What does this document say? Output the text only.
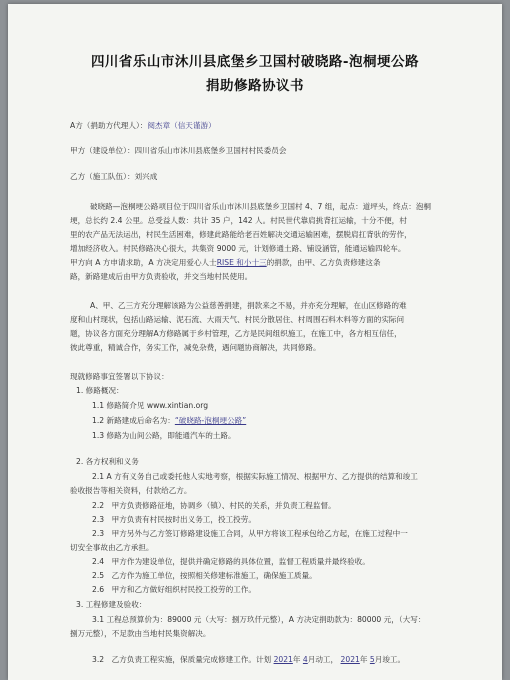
四川省乐山市沐川县底堡乡卫国村破晓路-泡桐埂公路
捐助修路协议书
A方（捐助方代理人）：阅杰章（信天谨游）
甲方（建设单位）：四川省乐山市沐川县底堡乡卫国村村民委员会
乙方（施工队伍）：刘兴成
破晓路—泡桐埂公路项目位于四川省乐山市沐川县底堡乡卫国村 4、7 组，起点：道坪头，终点：泡桐
埂，总长约 2.4 公里。总受益人数：共计 35 户，142 人。村民世代靠肩挑背扛运输，十分不便，村
里的农产品无法运出，村民生活困难，修建此路能给老百姓解决交通运输困难，摆脱肩扛背驮的劳作，
增加经济收入。村民修路决心很大，共集资 9000 元，计划修通土路、铺设涵管，能通运输四轮车。
甲方向 A 方申请求助，A 方决定用爱心人士RISE 和小十三的捐款，由甲、乙方负责修建这条
路，新路建成后由甲方负责验收，并交当地村民使用。
A、甲、乙三方充分理解该路为公益慈善捐建，捐款来之不易，并亦充分理解，在山区修路的难
度和山村现状，包括山路运输、泥石流、大雨天气、村民分散居住、村周围石料木料等方面的实际问
题，协议各方面充分理解A方修路属于乡村管理，乙方是民间组织施工，在施工中，各方相互信任，
彼此尊重，精诚合作，务实工作，减免杂费，遇问题协商解决，共同修路。
现就修路事宜签署以下协议：
1. 修路概况：
1.1 修路简介见 www.xintian.org
1.2 新路建成后命名为：“破晓路-泡桐埂公路”
1.3 修路为山间公路，即能通汽车的土路。
2. 各方权利和义务
2.1 A 方有义务自己或委托他人实地考察，根据实际施工情况、根据甲方、乙方提供的结算和竣工
验收报告等相关资料，付款给乙方。
2.2　甲方负责修路征地，协调乡（镇）、村民的关系，并负责工程监督。
2.3　甲方负责有村民按时出义务工，投工投劳。
2.3　甲方另外与乙方签订修路建设施工合同，从甲方将该工程承包给乙方起，在施工过程中一
切安全事故由乙方承担。
2.4　甲方作为建设单位，提供并确定修路的具体位置，监督工程质量并最终验收。
2.5　乙方作为施工单位，按照相关修建标准施工，确保施工质量。
2.6　甲方和乙方做好组织村民投工投劳的工作。
3. 工程修建及验收：
3.1 工程总预算价为：89000 元（大写：捌万玖仟元整），A 方决定捐助款为：80000 元，（大写：
捌万元整），不足款由当地村民集资解决。
3.2　乙方负责工程实施，保质量完成修建工作。计划 2021年 4月动工， 2021年 5月竣工。
